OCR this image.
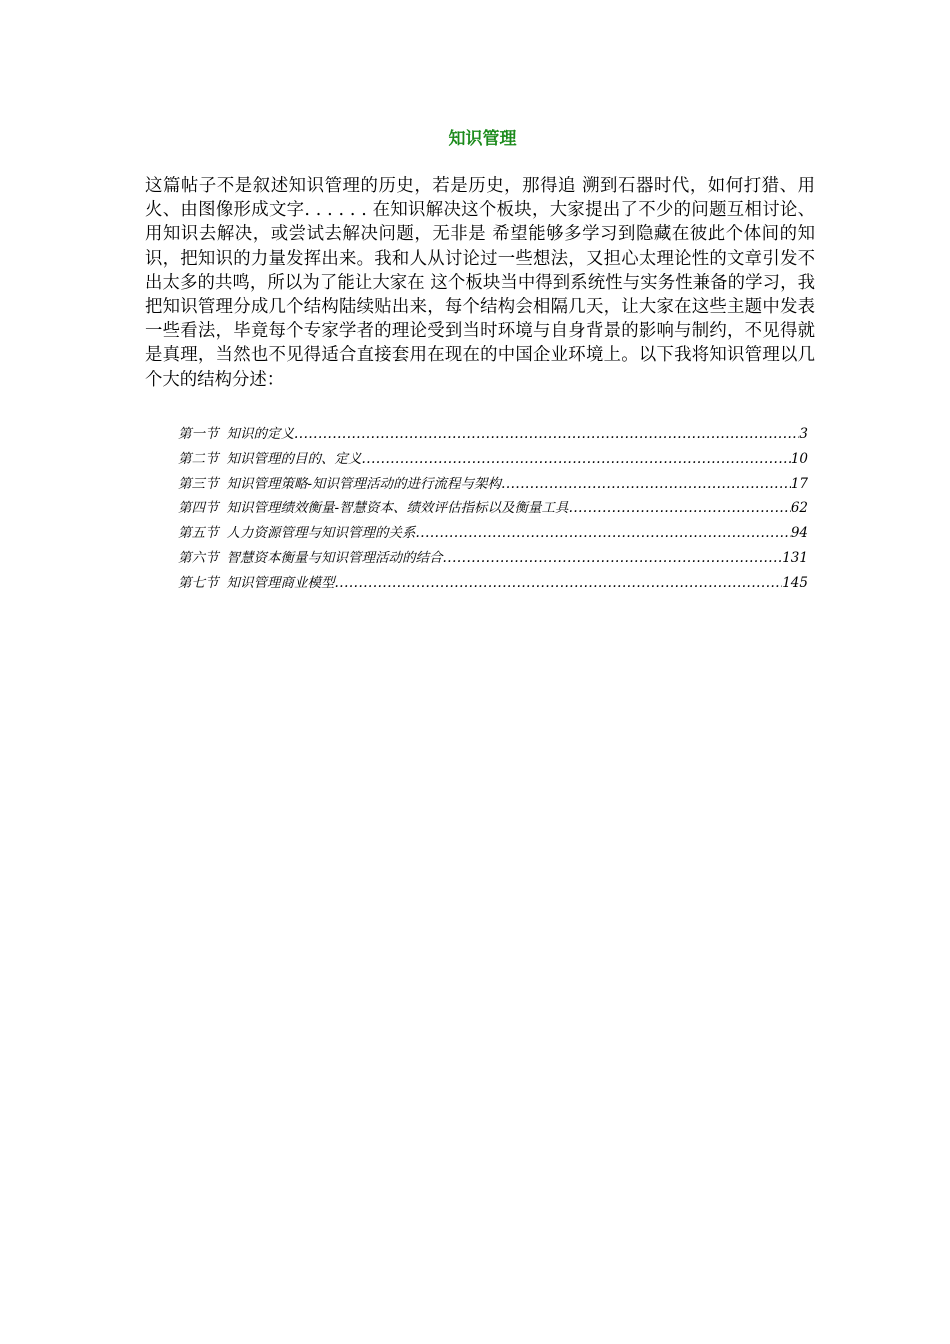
知识管理

这篇帖子不是叙述知识管理的历史，若是历史，那得追 溯到石器时代，如何打猎、用火、由图像形成文字. . . . . . 在知识解决这个板块，大家提出了不少的问题互相讨论、用知识去解决，或尝试去解决问题，无非是 希望能够多学习到隐藏在彼此个体间的知识，把知识的力量发挥出来。我和人从讨论过一些想法，又担心太理论性的文章引发不出太多的共鸣，所以为了能让大家在 这个板块当中得到系统性与实务性兼备的学习，我把知识管理分成几个结构陆续贴出来，每个结构会相隔几天，让大家在这些主题中发表一些看法，毕竟每个专家学者的理论受到当时环境与自身背景的影响与制约，不见得就是真理，当然也不见得适合直接套用在现在的中国企业环境上。以下我将知识管理以几个大的结构分述：

第一节 知识的定义 .....	3
第二节 知识管理的目的、定义 .....	10
第三节 知识管理策略-知识管理活动的进行流程与架构 .....	17
第四节 知识管理绩效衡量-智慧资本、绩效评估指标以及衡量工具 .....	62
第五节 人力资源管理与知识管理的关系 .....	94
第六节 智慧资本衡量与知识管理活动的结合 .....	131
第七节 知识管理商业模型 .....	145
